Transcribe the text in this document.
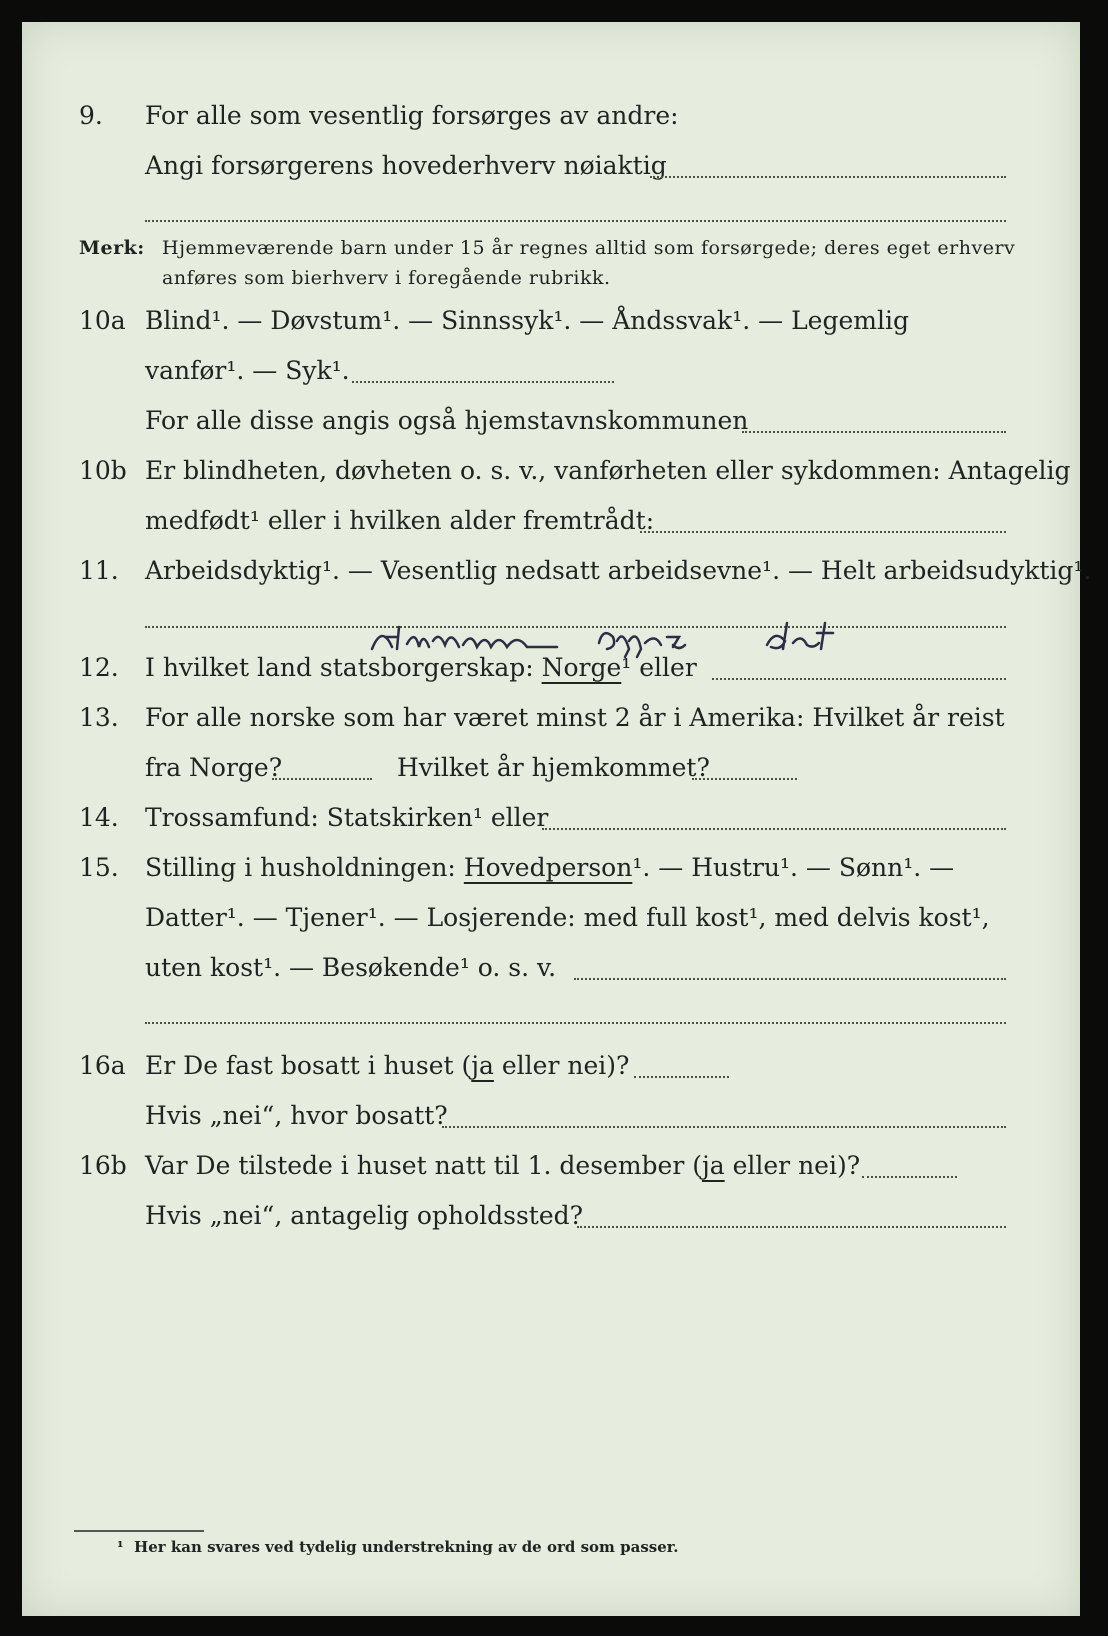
9. For alle som vesentlig forsørges av andre:
Angi forsørgerens hovederhverv nøiaktig
Merk: Hjemmeværende barn under 15 år regnes alltid som forsørgede; deres eget erhverv
anføres som bierhverv i foregående rubrikk.
10a Blind¹. — Døvstum¹. — Sinnssyk¹. — Åndssvak¹. — Legemlig
vanfør¹. — Syk¹.
For alle disse angis også hjemstavnskommunen
10b Er blindheten, døvheten o. s. v., vanførheten eller sykdommen: Antagelig
medfødt¹ eller i hvilken alder fremtrådt:
11. Arbeidsdyktig¹. — Vesentlig nedsatt arbeidsevne¹. — Helt arbeidsudyktig¹.
12. I hvilket land statsborgerskap: Norge¹ eller
13. For alle norske som har været minst 2 år i Amerika: Hvilket år reist
fra Norge?	Hvilket år hjemkommet?
14. Trossamfund: Statskirken¹ eller
15. Stilling i husholdningen: Hovedperson¹. — Hustru¹. — Sønn¹. —
Datter¹. — Tjener¹. — Losjerende: med full kost¹, med delvis kost¹,
uten kost¹. — Besøkende¹ o. s. v.
16a Er De fast bosatt i huset (ja eller nei)?
Hvis „nei“, hvor bosatt?
16b Var De tilstede i huset natt til 1. desember (ja eller nei)?
Hvis „nei“, antagelig opholdssted?
¹ Her kan svares ved tydelig understrekning av de ord som passer.
